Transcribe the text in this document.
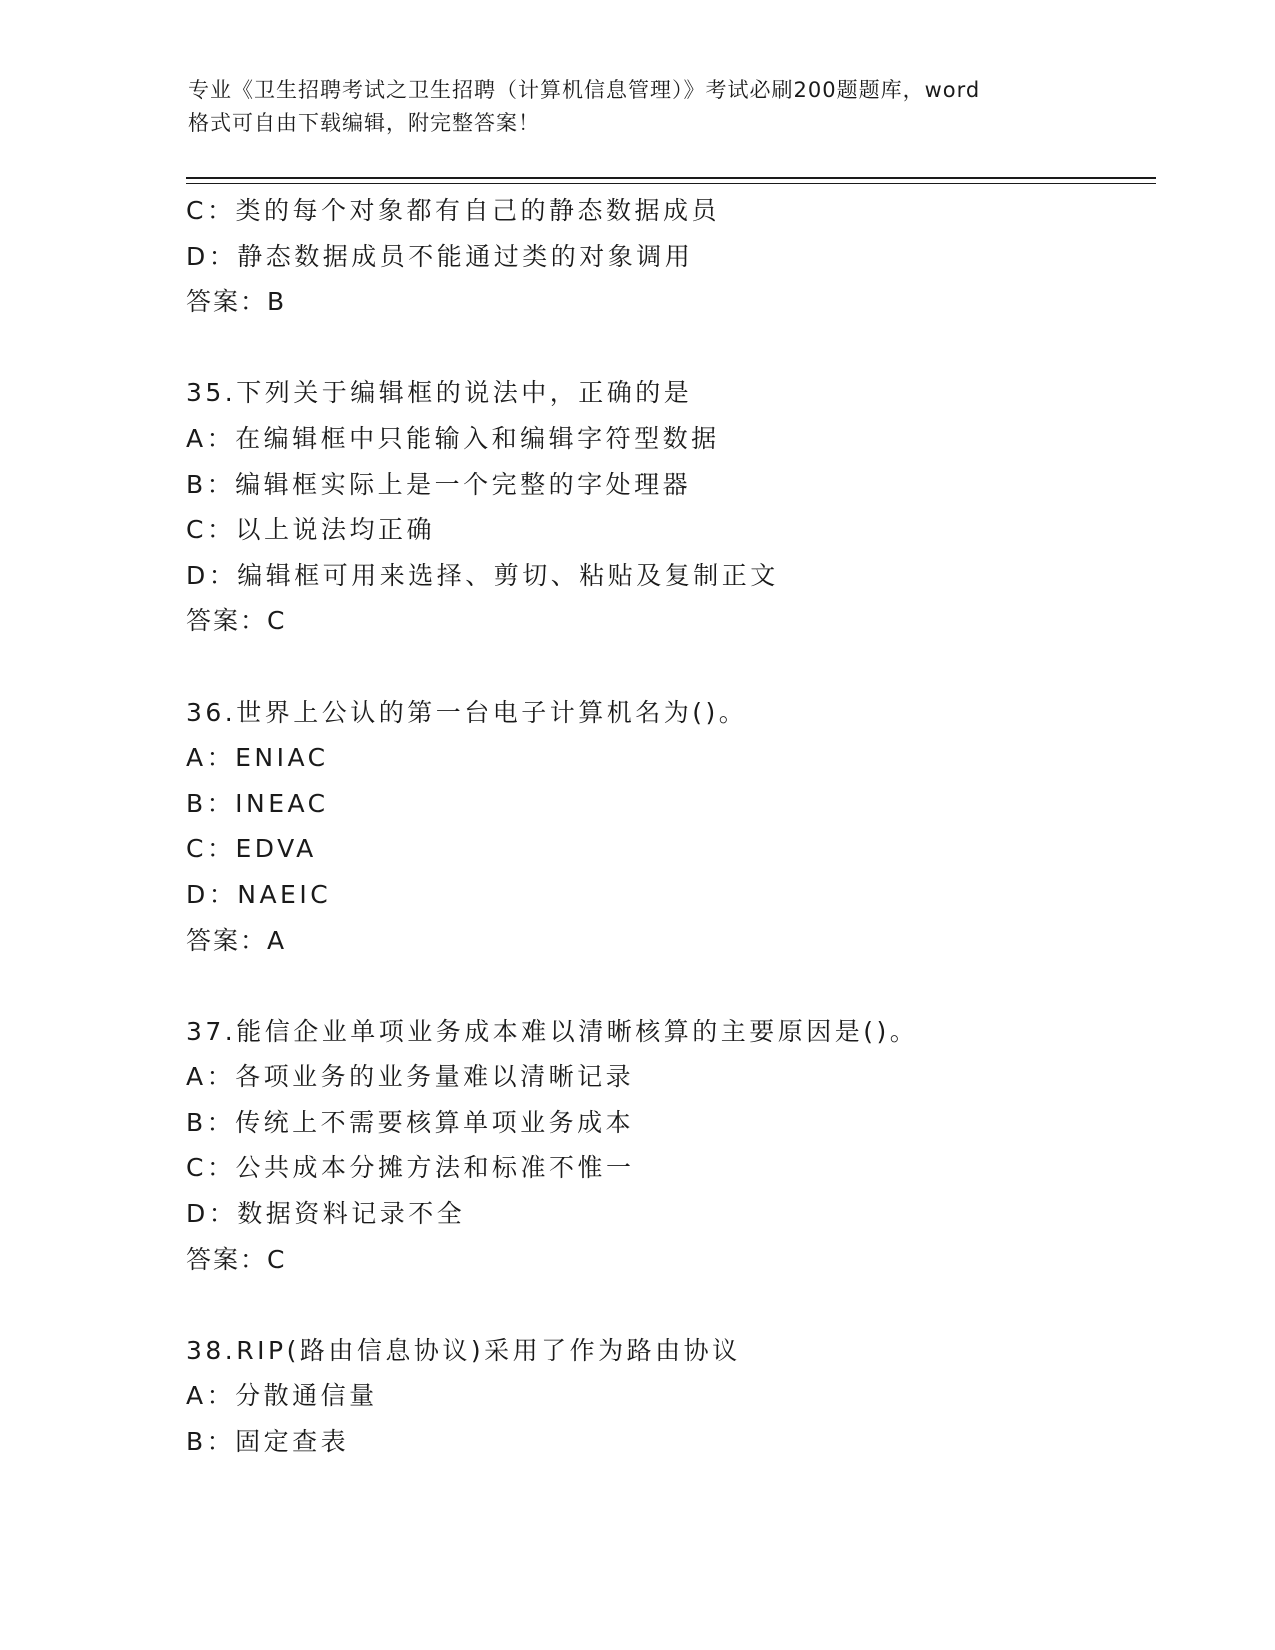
专业《卫生招聘考试之卫生招聘（计算机信息管理）》考试必刷200题题库，word
格式可自由下载编辑，附完整答案！
C：类的每个对象都有自己的静态数据成员
D：静态数据成员不能通过类的对象调用
答案：B
35.下列关于编辑框的说法中，正确的是
A：在编辑框中只能输入和编辑字符型数据
B：编辑框实际上是一个完整的字处理器
C：以上说法均正确
D：编辑框可用来选择、剪切、粘贴及复制正文
答案：C
36.世界上公认的第一台电子计算机名为()。
A：ENIAC
B：INEAC
C：EDVA
D：NAEIC
答案：A
37.能信企业单项业务成本难以清晰核算的主要原因是()。
A：各项业务的业务量难以清晰记录
B：传统上不需要核算单项业务成本
C：公共成本分摊方法和标准不惟一
D：数据资料记录不全
答案：C
38.RIP(路由信息协议)采用了作为路由协议
A：分散通信量
B：固定查表
